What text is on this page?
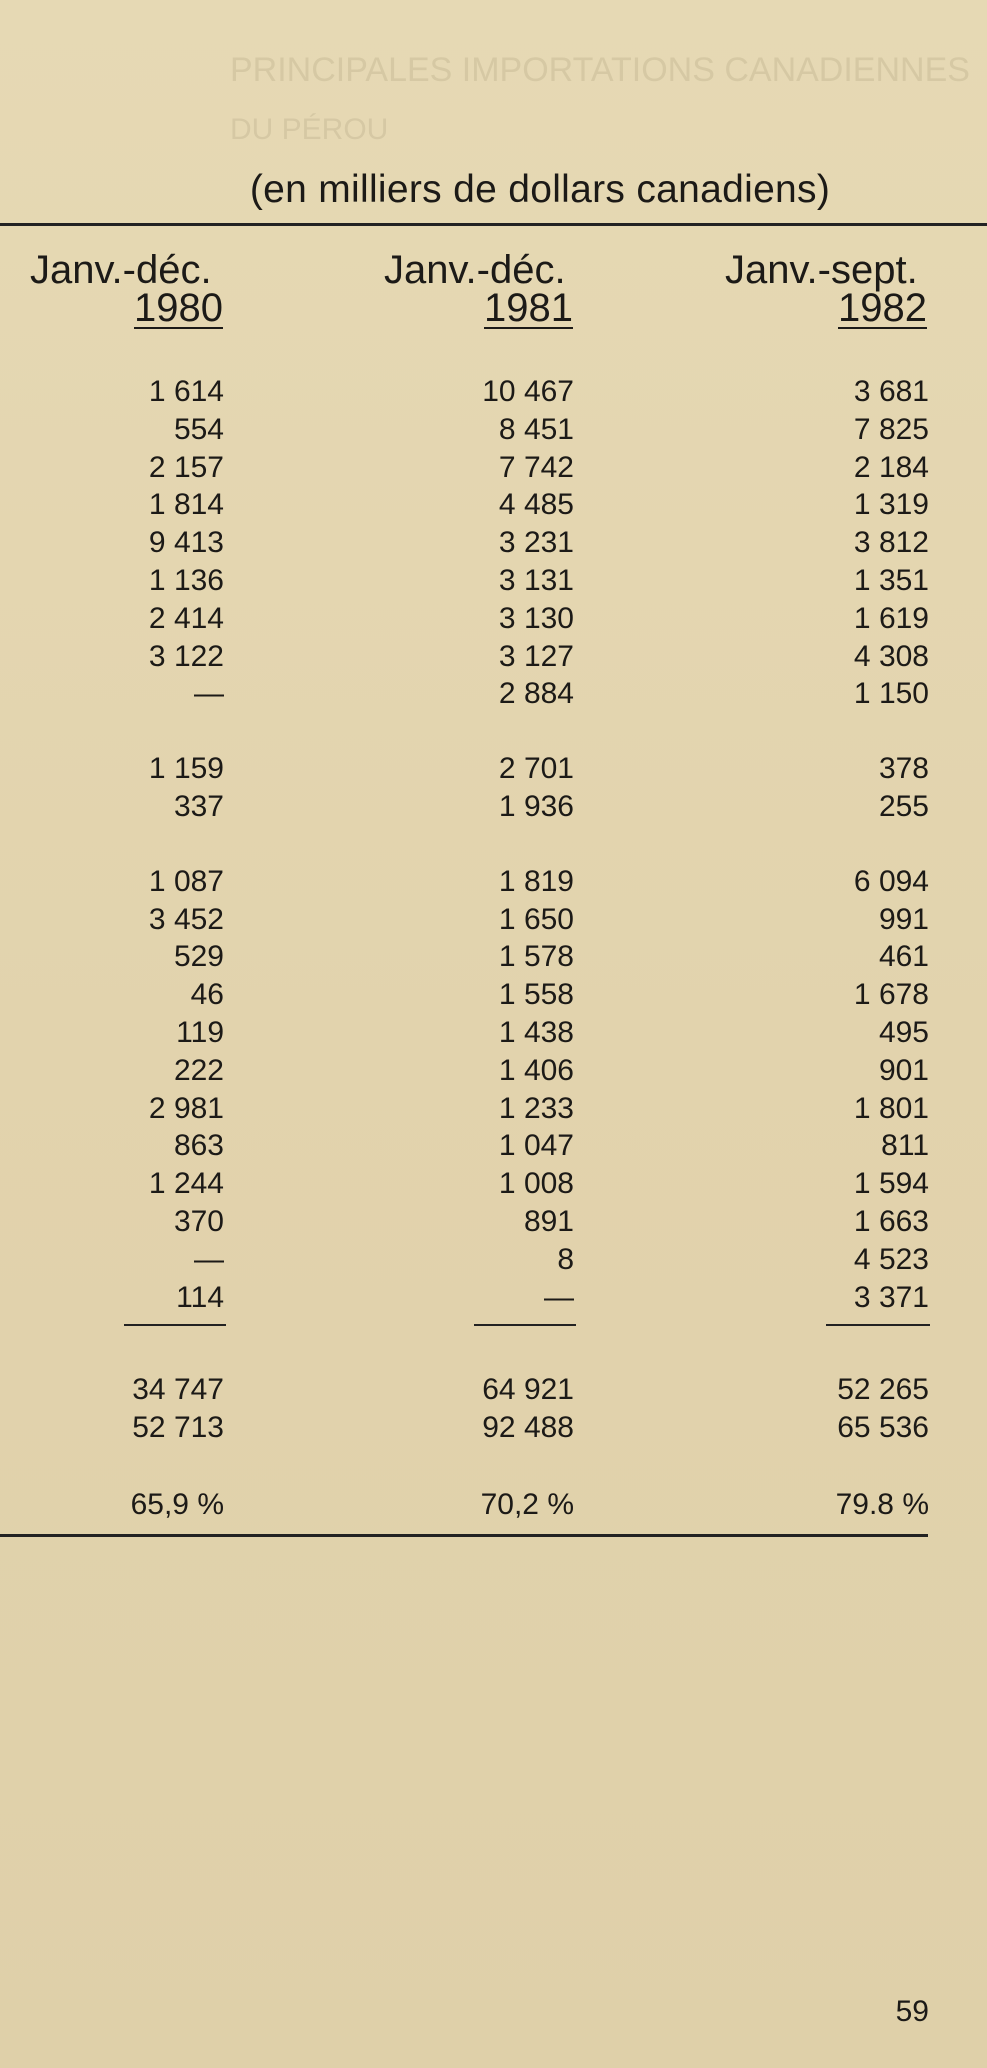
PRINCIPALES IMPORTATIONS CANADIENNES
DU PÉROU
(en milliers de dollars canadiens)
Janv.-déc.
1980
Janv.-déc.
1981
Janv.-sept.
1982
1 614	10 467	3 681
554	8 451	7 825
2 157	7 742	2 184
1 814	4 485	1 319
9 413	3 231	3 812
1 136	3 131	1 351
2 414	3 130	1 619
3 122	3 127	4 308
—	2 884	1 150
1 159	2 701	378
337	1 936	255
1 087	1 819	6 094
3 452	1 650	991
529	1 578	461
46	1 558	1 678
119	1 438	495
222	1 406	901
2 981	1 233	1 801
863	1 047	811
1 244	1 008	1 594
370	891	1 663
—	8	4 523
114	—	3 371
34 747	64 921	52 265
52 713	92 488	65 536
65,9 %	70,2 %	79.8 %
59
